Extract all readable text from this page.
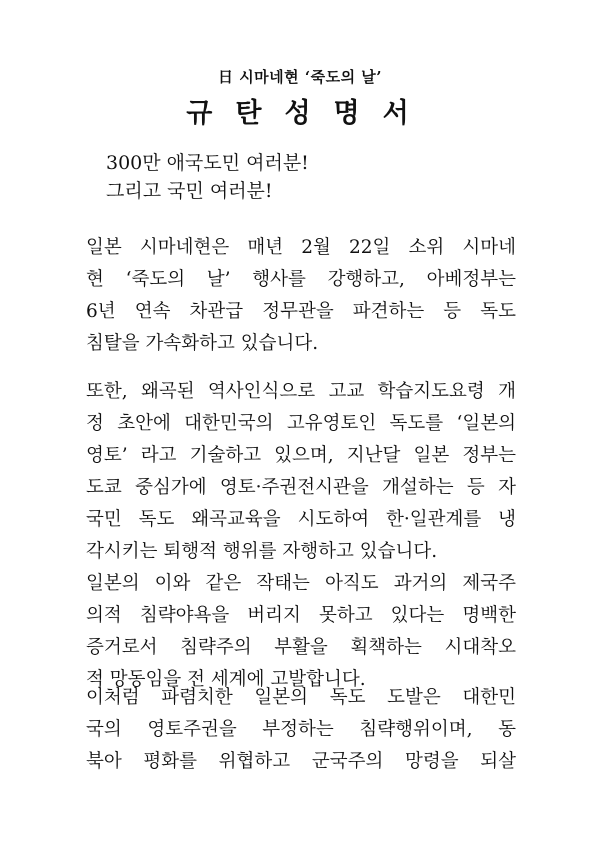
日 시마네현 ‘죽도의 날’
규탄성명서
300만 애국도민 여러분!
그리고 국민 여러분!
일본 시마네현은 매년 2월 22일 소위 시마네
현 ‘죽도의 날’ 행사를 강행하고, 아베정부는
6년 연속 차관급 정무관을 파견하는 등 독도
침탈을 가속화하고 있습니다.
또한, 왜곡된 역사인식으로 고교 학습지도요령 개
정 초안에 대한민국의 고유영토인 독도를 ‘일본의
영토’ 라고 기술하고 있으며, 지난달 일본 정부는
도쿄 중심가에 영토·주권전시관을 개설하는 등 자
국민 독도 왜곡교육을 시도하여 한·일관계를 냉
각시키는 퇴행적 행위를 자행하고 있습니다.
일본의 이와 같은 작태는 아직도 과거의 제국주
의적 침략야욕을 버리지 못하고 있다는 명백한
증거로서 침략주의 부활을 획책하는 시대착오
적 망동임을 전 세계에 고발합니다.
이처럼 파렴치한 일본의 독도 도발은 대한민
국의 영토주권을 부정하는 침략행위이며, 동
북아 평화를 위협하고 군국주의 망령을 되살
